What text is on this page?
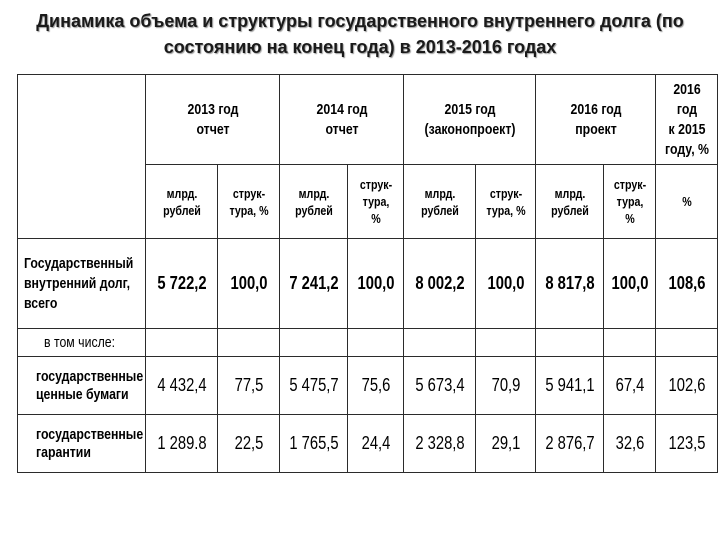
Динамика объема и структуры государственного внутреннего долга (по
состоянию на конец года) в 2013-2016 годах

	2013 год
отчет		2014 год
отчет		2015 год
(законопроект)		2016 год
проект		2016 год
к 2015
году, %

	млрд.
рублей	струк-
тура, %	млрд.
рублей	струк-
тура,
%	млрд.
рублей	струк-
тура, %	млрд.
рублей	струк-
тура, %	%

Государственный
внутренний долг,
всего	5 722,2	100,0	7 241,2	100,0	8 002,2	100,0	8 817,8	100,0	108,6
в том числе:									
государственные
ценные бумаги	4 432,4	77,5	5 475,7	75,6	5 673,4	70,9	5 941,1	67,4	102,6
государственные
гарантии	1 289.8	22,5	1 765,5	24,4	2 328,8	29,1	2 876,7	32,6	123,5
